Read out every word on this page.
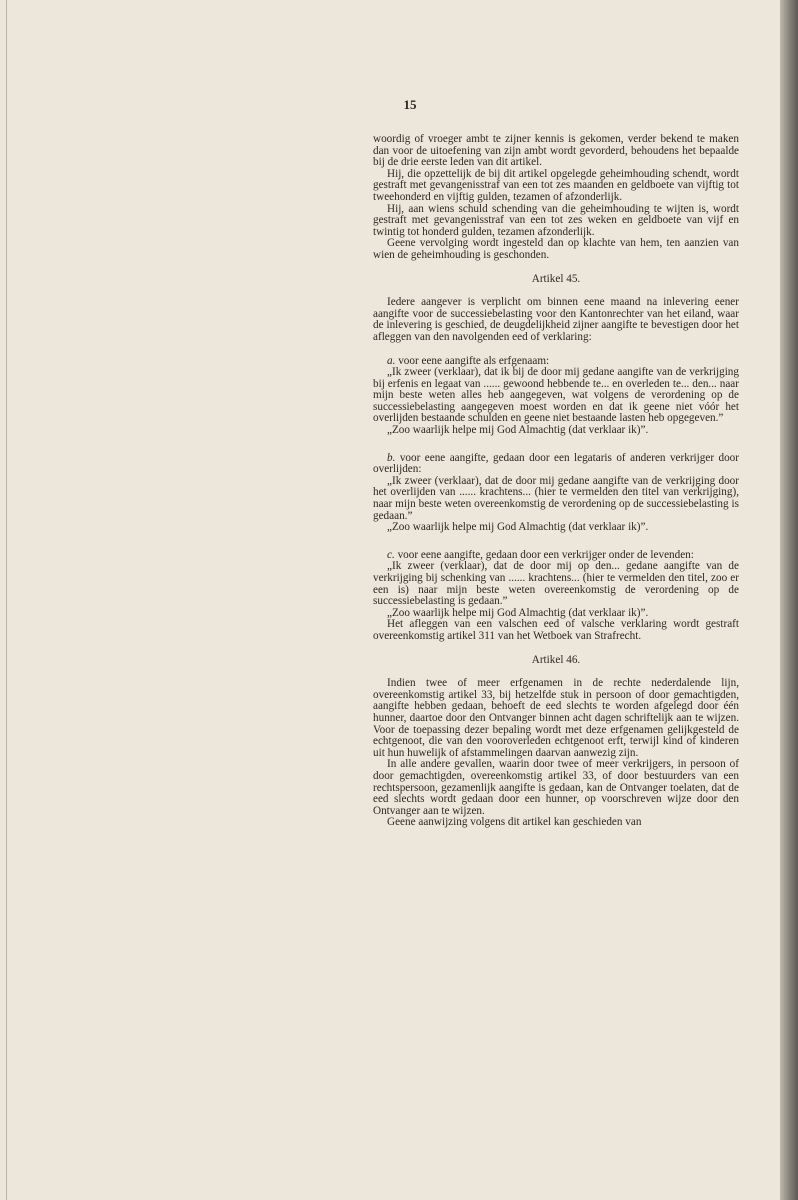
15

woordig of vroeger ambt te zijner kennis is gekomen, verder bekend te maken dan voor de uitoefening van zijn ambt wordt gevorderd, behoudens het bepaalde bij de drie eerste leden van dit artikel.

Hij, die opzettelijk de bij dit artikel opgelegde geheimhouding schendt, wordt gestraft met gevangenisstraf van een tot zes maanden en geldboete van vijftig tot tweehonderd en vijftig gulden, tezamen of afzonderlijk.

Hij, aan wiens schuld schending van die geheimhouding te wijten is, wordt gestraft met gevangenisstraf van een tot zes weken en geldboete van vijf en twintig tot honderd gulden, tezamen afzonderlijk.

Geene vervolging wordt ingesteld dan op klachte van hem, ten aanzien van wien de geheimhouding is geschonden.

Artikel 45.

Iedere aangever is verplicht om binnen eene maand na inlevering eener aangifte voor de successiebelasting voor den Kantonrechter van het eiland, waar de inlevering is geschied, de deugdelijkheid zijner aangifte te bevestigen door het afleggen van den navolgenden eed of verklaring:

a. voor eene aangifte als erfgenaam:

„Ik zweer (verklaar), dat ik bij de door mij gedane aangifte van de verkrijging bij erfenis en legaat van ...... gewoond hebbende te... en overleden te... den... naar mijn beste weten alles heb aangegeven, wat volgens de verordening op de successiebelasting aangegeven moest worden en dat ik geene niet vóór het overlijden bestaande schulden en geene niet bestaande lasten heb opgegeven.”

„Zoo waarlijk helpe mij God Almachtig (dat verklaar ik)”.

b. voor eene aangifte, gedaan door een legataris of anderen verkrijger door overlijden:

„Ik zweer (verklaar), dat de door mij gedane aangifte van de verkrijging door het overlijden van ...... krachtens... (hier te vermelden den titel van verkrijging), naar mijn beste weten overeenkomstig de verordening op de successiebelasting is gedaan.”

„Zoo waarlijk helpe mij God Almachtig (dat verklaar ik)”.

c. voor eene aangifte, gedaan door een verkrijger onder de levenden:

„Ik zweer (verklaar), dat de door mij op den... gedane aangifte van de verkrijging bij schenking van ...... krachtens... (hier te vermelden den titel, zoo er een is) naar mijn beste weten overeenkomstig de verordening op de successiebelasting is gedaan.”

„Zoo waarlijk helpe mij God Almachtig (dat verklaar ik)”.

Het afleggen van een valschen eed of valsche verklaring wordt gestraft overeenkomstig artikel 311 van het Wetboek van Strafrecht.

Artikel 46.

Indien twee of meer erfgenamen in de rechte nederdalende lijn, overeenkomstig artikel 33, bij hetzelfde stuk in persoon of door gemachtigden, aangifte hebben gedaan, behoeft de eed slechts te worden afgelegd door één hunner, daartoe door den Ontvanger binnen acht dagen schriftelijk aan te wijzen. Voor de toepassing dezer bepaling wordt met deze erfgenamen gelijkgesteld de echtgenoot, die van den vooroverleden echtgenoot erft, terwijl kind of kinderen uit hun huwelijk of afstammelingen daarvan aanwezig zijn.

In alle andere gevallen, waarin door twee of meer verkrijgers, in persoon of door gemachtigden, overeenkomstig artikel 33, of door bestuurders van een rechtspersoon, gezamenlijk aangifte is gedaan, kan de Ontvanger toelaten, dat de eed slechts wordt gedaan door een hunner, op voorschreven wijze door den Ontvanger aan te wijzen.

Geene aanwijzing volgens dit artikel kan geschieden van
